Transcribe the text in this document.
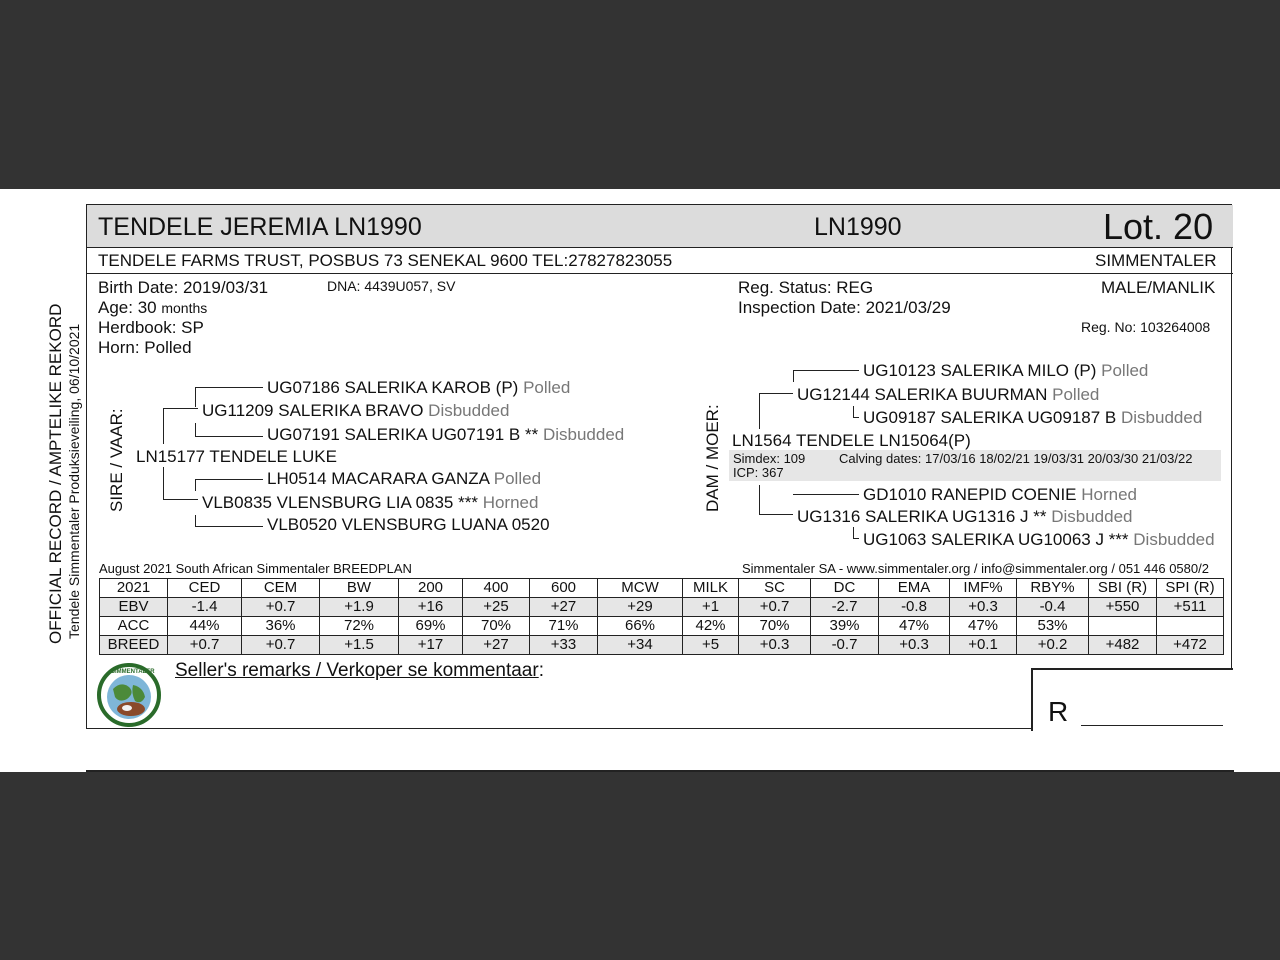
OFFICIAL RECORD / AMPTELIKE REKORD Tendele Simmentaler Produksieveiling, 06/10/2021
TENDELE JEREMIA LN1990	LN1990	Lot. 20
TENDELE FARMS TRUST, POSBUS 73 SENEKAL 9600 TEL:27827823055	SIMMENTALER
Birth Date: 2019/03/31	DNA: 4439U057, SV
Age: 30 months
Herdbook: SP
Horn: Polled
Reg. Status: REG
Inspection Date: 2021/03/29
MALE/MANLIK
Reg. No: 103264008
SIRE / VAAR: LN15177 TENDELE LUKE
UG11209 SALERIKA BRAVO Disbudded
UG07186 SALERIKA KAROB (P) Polled
UG07191 SALERIKA UG07191 B ** Disbudded
VLB0835 VLENSBURG LIA 0835 *** Horned
LH0514 MACARARA GANZA Polled
VLB0520 VLENSBURG LUANA 0520
DAM / MOER:
UG12144 SALERIKA BUURMAN Polled
UG10123 SALERIKA MILO (P) Polled
UG09187 SALERIKA UG09187 B Disbudded
LN1564 TENDELE LN15064(P)
Simdex: 109	Calving dates: 17/03/16 18/02/21 19/03/31 20/03/30 21/03/22
ICP: 367
GD1010 RANEPID COENIE Horned
UG1316 SALERIKA UG1316 J ** Disbudded
UG1063 SALERIKA UG10063 J *** Disbudded
August 2021 South African Simmentaler BREEDPLAN	Simmentaler SA - www.simmentaler.org / info@simmentaler.org / 051 446 0580/2
2021	CED	CEM	BW	200	400	600	MCW	MILK	SC	DC	EMA	IMF%	RBY%	SBI (R)	SPI (R)
EBV	-1.4	+0.7	+1.9	+16	+25	+27	+29	+1	+0.7	-2.7	-0.8	+0.3	-0.4	+550	+511
ACC	44%	36%	72%	69%	70%	71%	66%	42%	70%	39%	47%	47%	53%		
BREED	+0.7	+0.7	+1.5	+17	+27	+33	+34	+5	+0.3	-0.7	+0.3	+0.1	+0.2	+482	+472
SIMMENTALER Seller's remarks / Verkoper se kommentaar:
R
